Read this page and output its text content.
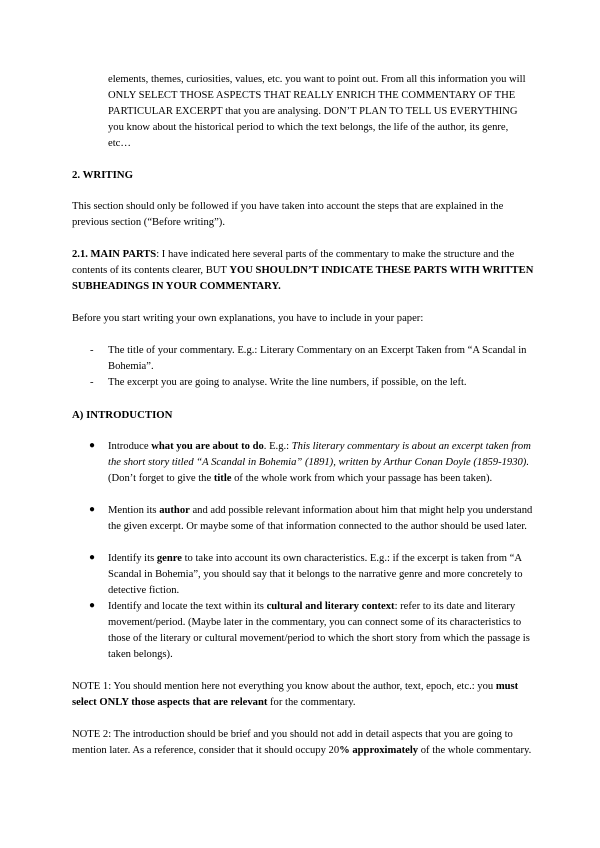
elements, themes, curiosities, values, etc. you want to point out. From all this information you will ONLY SELECT THOSE ASPECTS THAT REALLY ENRICH THE COMMENTARY OF THE PARTICULAR EXCERPT that you are analysing. DON’T PLAN TO TELL US EVERYTHING you know about the historical period to which the text belongs, the life of the author, its genre, etc…

2. WRITING

This section should only be followed if you have taken into account the steps that are explained in the previous section (“Before writing”).

2.1. MAIN PARTS: I have indicated here several parts of the commentary to make the structure and the contents of its contents clearer, BUT YOU SHOULDN’T INDICATE THESE PARTS WITH WRITTEN SUBHEADINGS IN YOUR COMMENTARY.

Before you start writing your own explanations, you have to include in your paper:

- The title of your commentary. E.g.: Literary Commentary on an Excerpt Taken from “A Scandal in Bohemia”.
- The excerpt you are going to analyse. Write the line numbers, if possible, on the left.
A) INTRODUCTION
● Introduce what you are about to do. E.g.: This literary commentary is about an excerpt taken from the short story titled “A Scandal in Bohemia” (1891), written by Arthur Conan Doyle (1859-1930). (Don’t forget to give the title of the whole work from which your passage has been taken).
● Mention its author and add possible relevant information about him that might help you understand the given excerpt. Or maybe some of that information connected to the author should be used later.
● Identify its genre to take into account its own characteristics. E.g.: if the excerpt is taken from “A Scandal in Bohemia”, you should say that it belongs to the narrative genre and more concretely to detective fiction.
● Identify and locate the text within its cultural and literary context: refer to its date and literary movement/period. (Maybe later in the commentary, you can connect some of its characteristics to those of the literary or cultural movement/period to which the short story from which the passage is taken belongs).

NOTE 1: You should mention here not everything you know about the author, text, epoch, etc.: you must select ONLY those aspects that are relevant for the commentary.

NOTE 2: The introduction should be brief and you should not add in detail aspects that you are going to mention later. As a reference, consider that it should occupy 20% approximately of the whole commentary.
